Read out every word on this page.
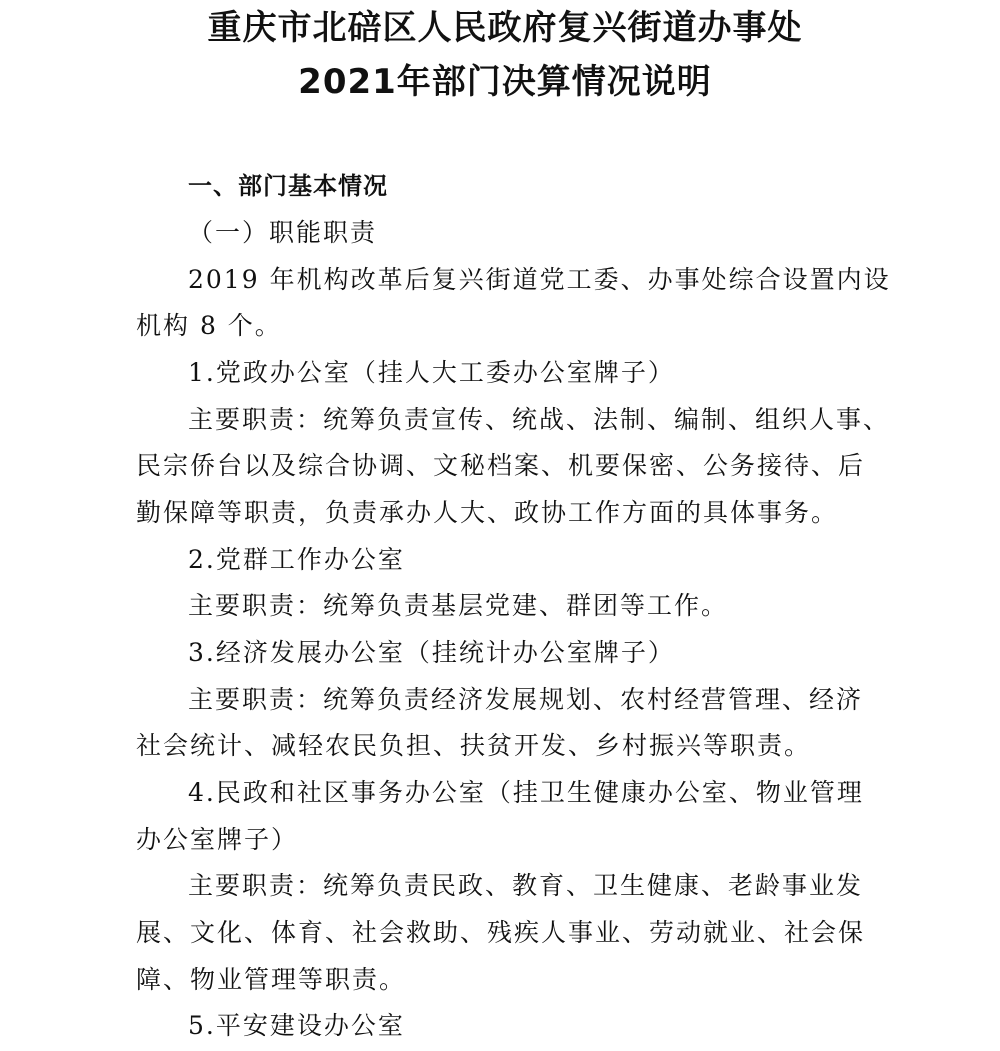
重庆市北碚区人民政府复兴街道办事处
2021年部门决算情况说明
一、部门基本情况
（一）职能职责
2019 年机构改革后复兴街道党工委、办事处综合设置内设
机构 8 个。
1.党政办公室（挂人大工委办公室牌子）
主要职责：统筹负责宣传、统战、法制、编制、组织人事、
民宗侨台以及综合协调、文秘档案、机要保密、公务接待、后
勤保障等职责，负责承办人大、政协工作方面的具体事务。
2.党群工作办公室
主要职责：统筹负责基层党建、群团等工作。
3.经济发展办公室（挂统计办公室牌子）
主要职责：统筹负责经济发展规划、农村经营管理、经济
社会统计、减轻农民负担、扶贫开发、乡村振兴等职责。
4.民政和社区事务办公室（挂卫生健康办公室、物业管理
办公室牌子）
主要职责：统筹负责民政、教育、卫生健康、老龄事业发
展、文化、体育、社会救助、残疾人事业、劳动就业、社会保
障、物业管理等职责。
5.平安建设办公室
